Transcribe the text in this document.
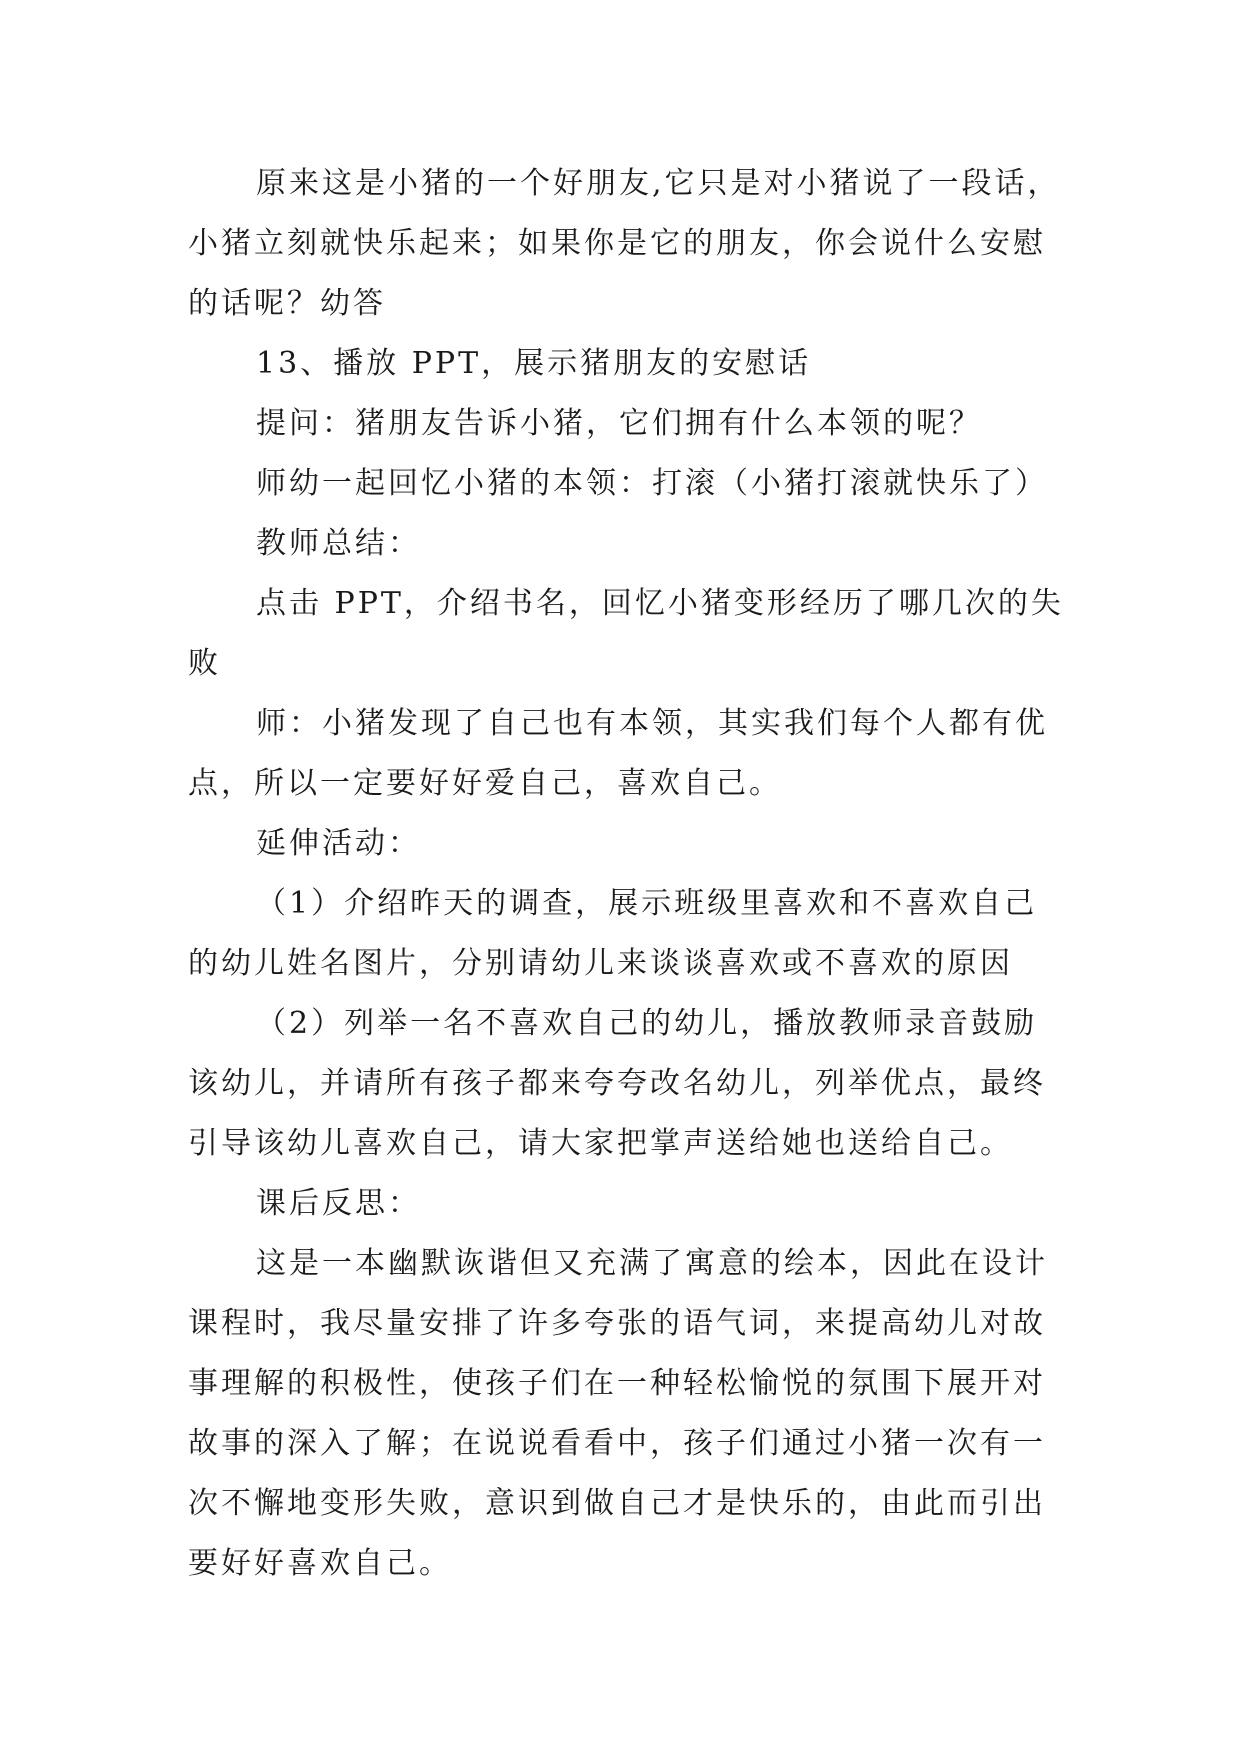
原来这是小猪的一个好朋友,它只是对小猪说了一段话，
小猪立刻就快乐起来；如果你是它的朋友，你会说什么安慰
的话呢？幼答

13、播放 PPT，展示猪朋友的安慰话

提问：猪朋友告诉小猪，它们拥有什么本领的呢？

师幼一起回忆小猪的本领：打滚（小猪打滚就快乐了）

教师总结：

点击 PPT，介绍书名，回忆小猪变形经历了哪几次的失
败

师：小猪发现了自己也有本领，其实我们每个人都有优
点，所以一定要好好爱自己，喜欢自己。

延伸活动：

（1）介绍昨天的调查，展示班级里喜欢和不喜欢自己
的幼儿姓名图片，分别请幼儿来谈谈喜欢或不喜欢的原因

（2）列举一名不喜欢自己的幼儿，播放教师录音鼓励
该幼儿，并请所有孩子都来夸夸改名幼儿，列举优点，最终
引导该幼儿喜欢自己，请大家把掌声送给她也送给自己。

课后反思：

这是一本幽默诙谐但又充满了寓意的绘本，因此在设计
课程时，我尽量安排了许多夸张的语气词，来提高幼儿对故
事理解的积极性，使孩子们在一种轻松愉悦的氛围下展开对
故事的深入了解；在说说看看中，孩子们通过小猪一次有一
次不懈地变形失败，意识到做自己才是快乐的，由此而引出
要好好喜欢自己。
